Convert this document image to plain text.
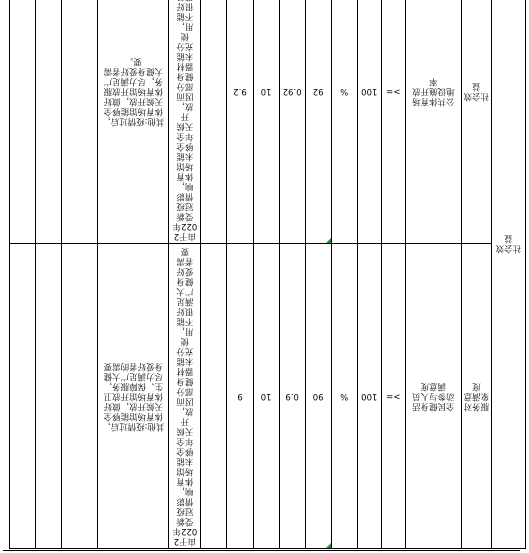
社会效益	服务对象满意度	全民健身活动参与人员满意度	>=	100	%	90	0.9	10	9		由于2022年受新冠疫情影响，体育场馆未能够全年全天候开放，因而部分健身器材未能充分使用，不能很好满足广大健身爱好者需要	其他:疫情过后，体育场馆能够全天候开放，做好体育场馆开放卫生、保障服务，尽力满足广大健身爱好者的需要			
	社会效益	公共体育场地设施开放率	>=	100	%	92	0.92	10	9.2		由于2022年受新冠疫情影响，体育场馆未能够全年全天候开放，因而部分健身器材未能充分使用，不能很好	其他:疫情过后，体育场馆能够全天候开放，做好体育场馆开放服务，尽力满足广大健身爱好者需要。			
